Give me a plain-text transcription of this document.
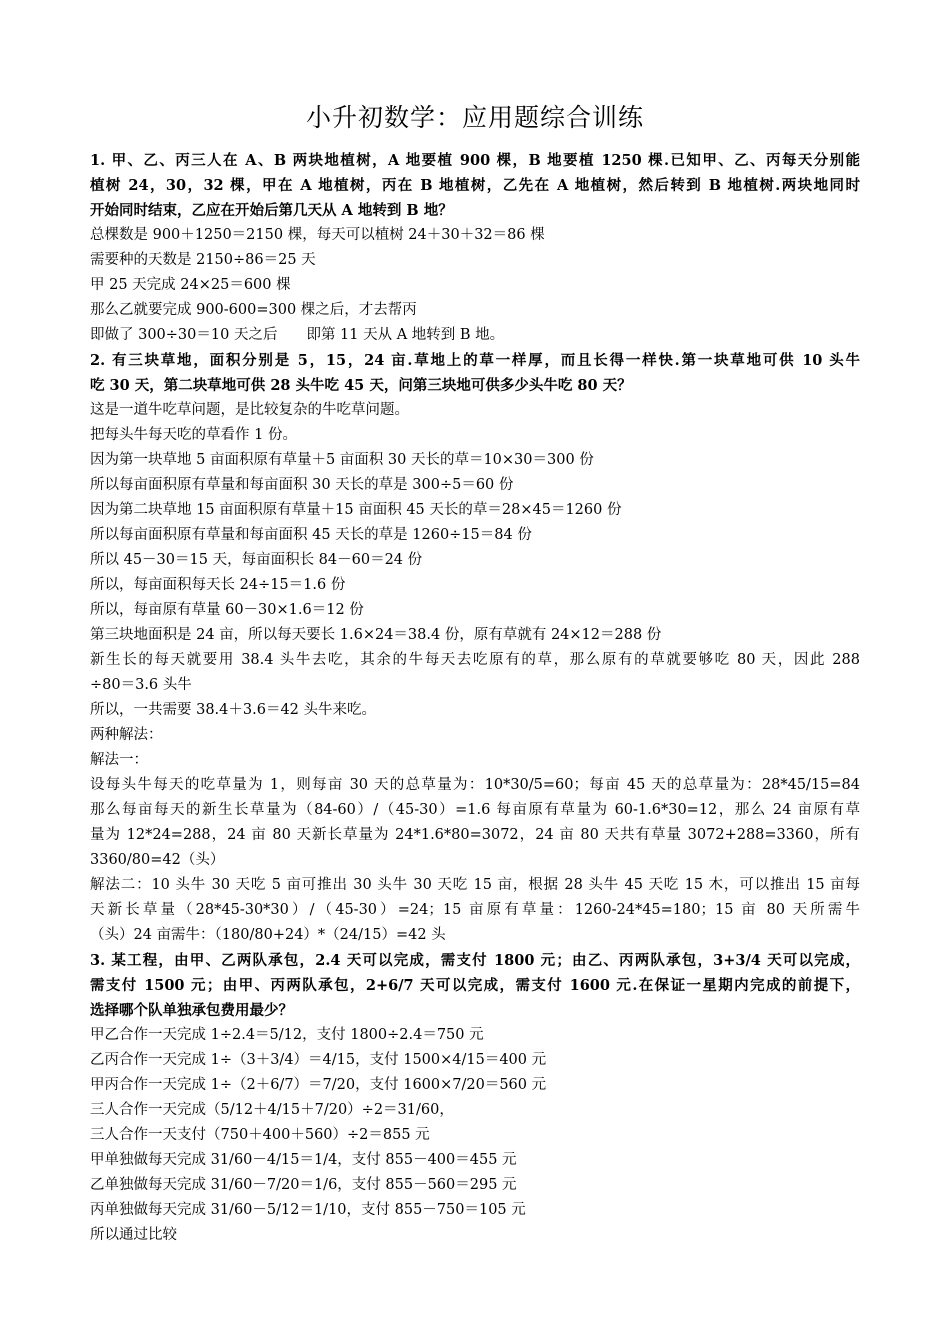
小升初数学：应用题综合训练
1. 甲、乙、丙三人在 A、B 两块地植树，A 地要植 900 棵，B 地要植 1250 棵.已知甲、乙、丙每天分别能
植树 24，30，32 棵，甲在 A 地植树，丙在 B 地植树，乙先在 A 地植树，然后转到 B 地植树.两块地同时
开始同时结束，乙应在开始后第几天从 A 地转到 B 地？
总棵数是 900＋1250＝2150 棵，每天可以植树 24＋30＋32＝86 棵
需要种的天数是 2150÷86＝25 天
甲 25 天完成 24×25＝600 棵
那么乙就要完成 900-600=300 棵之后，才去帮丙
即做了 300÷30＝10 天之后　　即第 11 天从 A 地转到 B 地。
2. 有三块草地，面积分别是 5，15，24 亩.草地上的草一样厚，而且长得一样快.第一块草地可供 10 头牛
吃 30 天，第二块草地可供 28 头牛吃 45 天，问第三块地可供多少头牛吃 80 天？
这是一道牛吃草问题，是比较复杂的牛吃草问题。
把每头牛每天吃的草看作 1 份。
因为第一块草地 5 亩面积原有草量＋5 亩面积 30 天长的草＝10×30＝300 份
所以每亩面积原有草量和每亩面积 30 天长的草是 300÷5＝60 份
因为第二块草地 15 亩面积原有草量＋15 亩面积 45 天长的草＝28×45＝1260 份
所以每亩面积原有草量和每亩面积 45 天长的草是 1260÷15＝84 份
所以 45－30＝15 天，每亩面积长 84－60＝24 份
所以，每亩面积每天长 24÷15＝1.6 份
所以，每亩原有草量 60－30×1.6＝12 份
第三块地面积是 24 亩，所以每天要长 1.6×24＝38.4 份，原有草就有 24×12＝288 份
新生长的每天就要用 38.4 头牛去吃，其余的牛每天去吃原有的草，那么原有的草就要够吃 80 天，因此 288
÷80＝3.6 头牛
所以，一共需要 38.4＋3.6＝42 头牛来吃。
两种解法：
解法一：
设每头牛每天的吃草量为 1，则每亩 30 天的总草量为：10*30/5=60；每亩 45 天的总草量为：28*45/15=84
那么每亩每天的新生长草量为（84-60）/（45-30）=1.6 每亩原有草量为 60-1.6*30=12，那么 24 亩原有草
量为 12*24=288，24 亩 80 天新长草量为 24*1.6*80=3072，24 亩 80 天共有草量 3072+288=3360，所有
3360/80=42（头）
解法二：10 头牛 30 天吃 5 亩可推出 30 头牛 30 天吃 15 亩，根据 28 头牛 45 天吃 15 木，可以推出 15 亩每
天新长草量（28*45-30*30）/（45-30）=24；15 亩原有草量：1260-24*45=180；15 亩 80 天所需牛
（头）24 亩需牛：（180/80+24）*（24/15）=42 头
3. 某工程，由甲、乙两队承包，2.4 天可以完成，需支付 1800 元；由乙、丙两队承包，3+3/4 天可以完成，
需支付 1500 元；由甲、丙两队承包，2+6/7 天可以完成，需支付 1600 元.在保证一星期内完成的前提下，
选择哪个队单独承包费用最少？
甲乙合作一天完成 1÷2.4＝5/12，支付 1800÷2.4＝750 元
乙丙合作一天完成 1÷（3＋3/4）＝4/15，支付 1500×4/15＝400 元
甲丙合作一天完成 1÷（2＋6/7）＝7/20，支付 1600×7/20＝560 元
三人合作一天完成（5/12＋4/15＋7/20）÷2＝31/60，
三人合作一天支付（750＋400＋560）÷2＝855 元
甲单独做每天完成 31/60－4/15＝1/4，支付 855－400＝455 元
乙单独做每天完成 31/60－7/20＝1/6，支付 855－560＝295 元
丙单独做每天完成 31/60－5/12＝1/10，支付 855－750＝105 元
所以通过比较
